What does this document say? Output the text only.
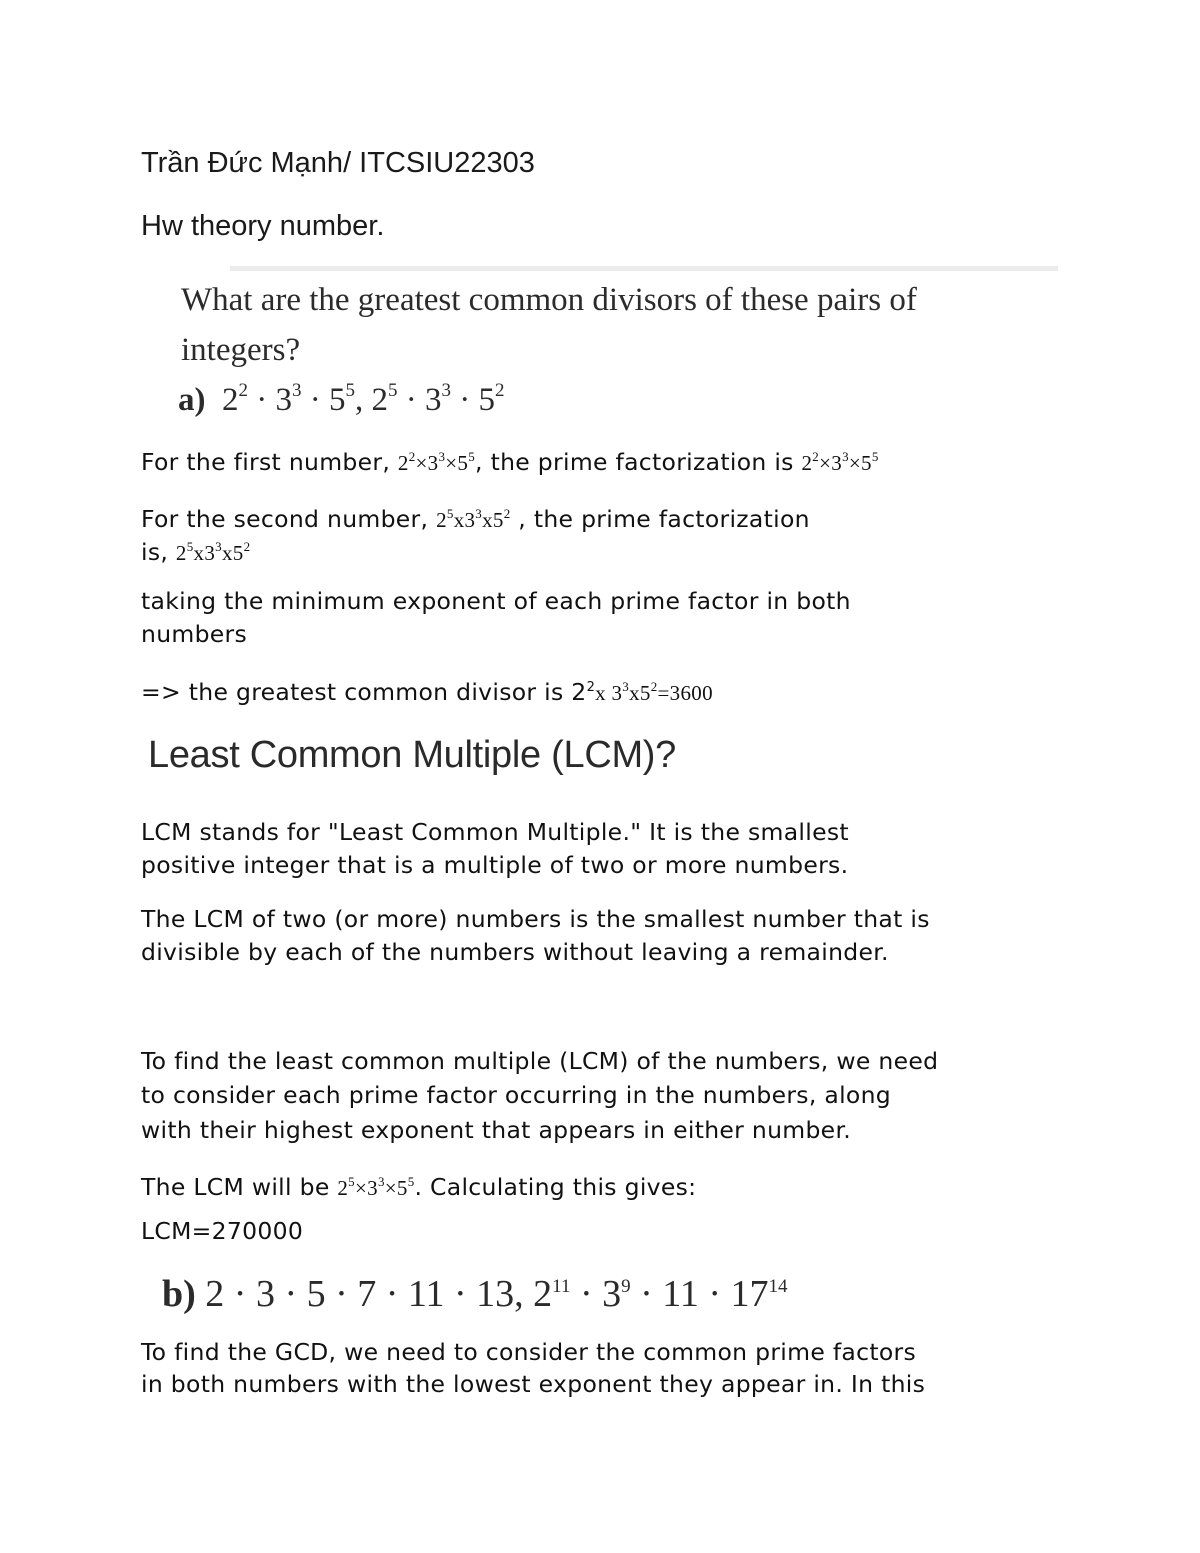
Trần Đức Mạnh/ ITCSIU22303
Hw theory number.
What are the greatest common divisors of these pairs of
integers?
a) $2^2 \cdot 3^3 \cdot 5^5$, $2^5 \cdot 3^3 \cdot 5^2$
For the first number, $2^2\times 3^3\times 5^5$, the prime factorization is $2^2\times 3^3\times 5^5$
For the second number, $2^5x3^3x5^2$ , the prime factorization
is, $2^5x3^3x5^2$
taking the minimum exponent of each prime factor in both
numbers
=> the greatest common divisor is $2^2x$ $3^3x5^2=3600$
Least Common Multiple (LCM)?
LCM stands for "Least Common Multiple." It is the smallest
positive integer that is a multiple of two or more numbers.
The LCM of two (or more) numbers is the smallest number that is
divisible by each of the numbers without leaving a remainder.
To find the least common multiple (LCM) of the numbers, we need
to consider each prime factor occurring in the numbers, along
with their highest exponent that appears in either number.
The LCM will be $2^5\times 3^3\times 5^5$. Calculating this gives:
LCM=270000
b) 2 · 3 · 5 · 7 · 11 · 13, $2^{11} \cdot 3^9 \cdot 11 \cdot 17^{14}$
To find the GCD, we need to consider the common prime factors
in both numbers with the lowest exponent they appear in. In this
